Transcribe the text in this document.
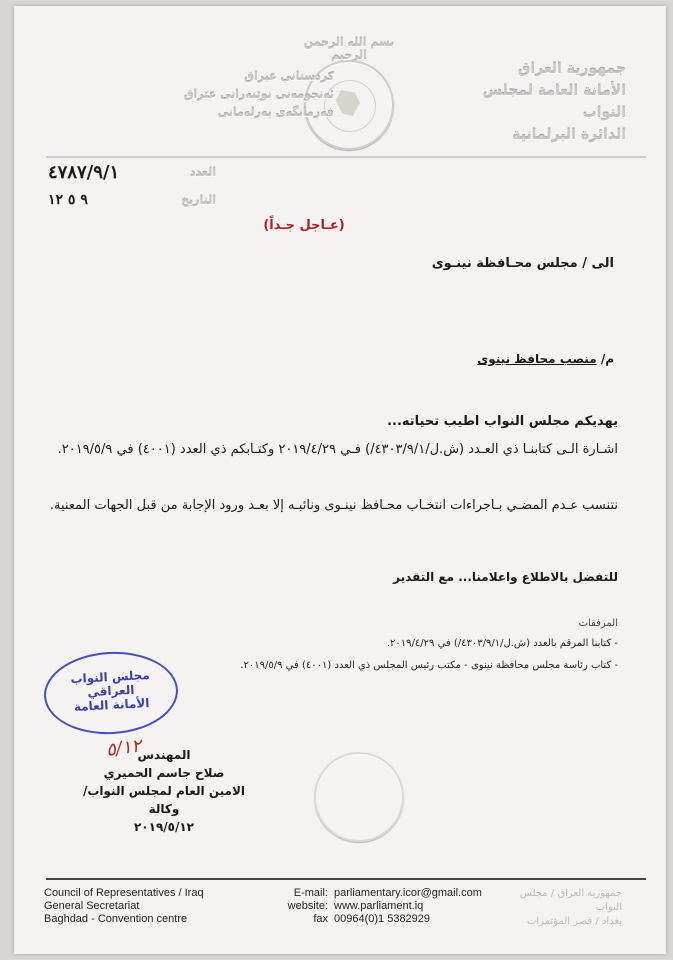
بسم الله الرحمن الرحيم
جمهورية العراق
الأمانة العامة لمجلس النواب
الدائرة البرلمانية
كردستاني عيراق
ئەنجومەنی نوێنەرانی عێراق
فەرمانگەی پەرلەمانی
٤٧٨٧/٩/١	العدد
٩ ٥ ١٢	التاريخ
(عـاجل جـداً)
الى / مجلس محـافظة نينـوى
م/ منصب محافظ نينوى
يهديكم مجلس النواب اطيب تحياته...
اشـارة الـى كتابنـا ذي العـدد (ش.ل/٤٣٠٣/٩/١/) فـي ٢٠١٩/٤/٢٩ وكتـابكم ذي العدد (٤٠٠١) في ٢٠١٩/٥/٩.
نتنسب عـدم المضـي بـاجراءات انتخـاب محـافظ نينـوى ونائبـه إلا بعـد ورود الإجابة من قبل الجهات المعنية.
للتفضل بالاطلاع واعلامنا... مع التقدير
المرفقات
- كتابنا المرقم بالعدد (ش.ل/٤٣٠٣/٩/١/) في ٢٠١٩/٤/٢٩.
- كتاب رئاسة مجلس محافظة نينوى - مكتب رئيس المجلس ذي العدد (٤٠٠١) في ٢٠١٩/٥/٩.
مجلس النواب العراقي
الأمانة العامة
٥/١٢
المهندس
صلاح جاسم الحميري
الامين العام لمجلس النواب/ وكالة
٢٠١٩/٥/١٢
Council of Representatives / Iraq
General Secretariat
Baghdad - Convention centre
E-mail: parliamentary.icor@gmail.com
website: www.parliament.iq
fax 00964(0)1 5382929
جمهورية العراق / مجلس النواب
بغداد / قصر المؤتمرات
